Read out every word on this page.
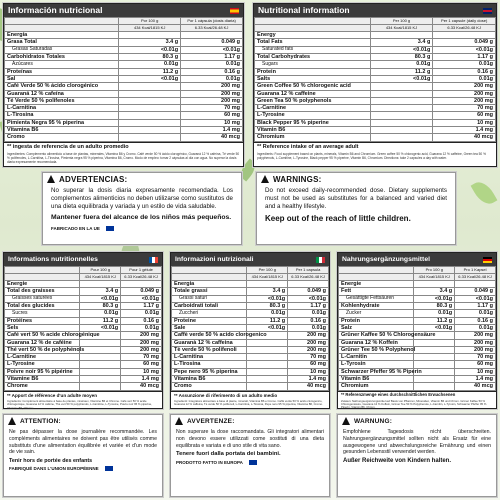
Información nutricional
	Por 100 g	Por 1 cápsula (dosis diaria)
	434 Kcal/1815 KJ	6.33 Kcal/26.48 KJ
Energía		
Grasa Total	3.4 g	0.049 g
Grasas Saturadas	<0.01g	<0.01g
Carbohidratos Totales	80.3 g	1.17 g
Azúcares	0.01g	0.01g
Proteínas	11.2 g	0.16 g
Sal	<0.01g	0.01g
Café Verde 50 % ácido clorogénico		200 mg
Guaraná 12 % cafeína		200 mg
Té Verde 50 % polifenoles		200 mg
L-Carnitina		70 mg
L-Tirosina		60 mg
Pimienta Negra 95 % piperina		10 mg
Vitamina B6		1.4 mg
Cromo		40 mcg
** ingesta de referencia de un adulto promedio
Ingredientes: Complemento alimenticio a base de plantas, minerales, Vitamina B6 y Cromo. Café verde 50 % ácido clorogénico, Guaraná 12 % cafeína, Té verde 50 % polifenoles, L-Carnitina, L-Tirosina, Pimienta negra 95 % piperina, Vitamina B6, Cromo. Modo de empleo: tomar 2 cápsulas al día con agua. No superar la dosis diaria expresamente recomendada.
Nutritional information
	Per 100 g	Per 1 capsule (daily dose)
	434 Kcal/1815 KJ	6.33 Kcal/26.48 KJ
Energy		
Total Fats	3.4 g	0.049 g
Saturated fats	<0.01g	<0.01g
Total Carbohydrates	80.3 g	1.17 g
Sugars	0.01g	0.01g
Protein	11.2 g	0.16 g
Salts	<0.01g	0.01g
Green Coffee 50 % chlorogenic acid		200 mg
Guarana 12 % caffeine		200 mg
Green Tea 50 % polyphenols		200 mg
L-Carnitine		70 mg
L-Tyrosine		60 mg
Black Pepper 95 % piperine		10 mg
Vitamin B6		1.4 mg
Chromium		40 mcg
** Reference intake of an average adult
Ingredients: Food supplement based on plants, minerals, Vitamin B6 and Chromium. Green coffee 50 % chlorogenic acid, Guarana 12 % caffeine, Green tea 50 % polyphenols, L-Carnitine, L-Tyrosine, Black pepper 95 % piperine, Vitamin B6, Chromium. Directions: take 2 capsules a day with water.
ADVERTENCIAS:
No superar la dosis diaria expresamente recomendada. Los complementos alimenticios no deben utilizarse como sustitutos de una dieta equilibrada y variada y un estilo de vida saludable.
Mantener fuera del alcance de los niños más pequeños.
FABRICADO EN LA UE
WARNINGS:
Do not exceed daily-recommended dose. Dietary supplements must not be used as substitutes for a balanced and varied diet and a healthy lifestyle.
Keep out of the reach of little children.
Informations nutritionnelles
	Pour 100 g	Pour 1 gélule
	434 Kcal/1815 KJ	6.33 Kcal/26.48 KJ
Energie		
Total des graisses	3.4 g	0.049 g
Graisses saturées	<0.01g	<0.01g
Total des glucides	80.3 g	1.17 g
Sucres	0.01g	0.01g
Protéines	11.2 g	0.16 g
Sels	<0.01g	0.01g
Café vert 50 % acide chlorogénique		200 mg
Guarana 12 % de caféine		200 mg
Thé vert 50 % de polyphénols		200 mg
L-Carnitine		70 mg
L-Tyrosine		60 mg
Poivre noir 95 % pipérine		10 mg
Vitamine B6		1.4 mg
Chrome		40 mcg
** Apport de référence d'un adulte moyen
Ingrédients: Complément alimentaire à base de plantes, minéraux, Vitamine B6 et Chrome. Café vert 50 % acide chlorogénique, Guarana 12 % caféine, Thé vert 50 % polyphénols, L-Carnitine, L-Tyrosine, Poivre noir 95 % pipérine, Vitamine B6, Chrome.
Informazioni nutrizionali
	Per 100 g	Per 1 capsula
	434 Kcal/1815 KJ	6.33 Kcal/26.48 KJ
Energia		
Totale grassi	3.4 g	0.049 g
Grassi saturi	<0.01g	<0.01g
Carboidrati totali	80.3 g	1.17 g
Zuccheri	0.01g	0.01g
Proteine	11.2 g	0.16 g
Sale	<0.01g	0.01g
Caffè verde 50 % acido clorogenico		200 mg
Guaranà 12 % caffeina		200 mg
Tè verde 50 % polifenoli		200 mg
L-Carnitina		70 mg
L-Tirosina		60 mg
Pepe nero 95 % piperina		10 mg
Vitamina B6		1.4 mg
Cromo		40 mcg
** Assunzione di riferimento di un adulto medio
Ingredienti: Integratore alimentare a base di piante, minerali, Vitamina B6 e Cromo. Caffè verde 50 % acido clorogenico, Guaranà 12 % caffeina, Tè verde 50 % polifenoli, L-Carnitina, L-Tirosina, Pepe nero 95 % piperina, Vitamina B6, Cromo.
Nahrungsergänzungsmittel
	Pro 100 g	Pro 1 Kapsel
	434 Kcal/1815 KJ	6.33 Kcal/26.48 KJ
Energie		
Fett	3.4 g	0.049 g
Gesättigte Fettsäuren	<0.01g	<0.01g
Kohlenhydrate	80.3 g	1.17 g
Zucker	0.01g	0.01g
Protein	11.2 g	0.16 g
Salz	<0.01g	0.01g
Grüner Kaffee 50 % Chlorogensäure		200 mg
Guarana 12 % Koffein		200 mg
Grüner Tee 50 % Polyphenol		200 mg
L-Carnitin		70 mg
L-Tyrosin		60 mg
Schwarzer Pfeffer 95 % Piperin		10 mg
Vitamin B6		1.4 mg
Chromium		40 mcg
** Referenzmenge eines durchschnittlichen Erwachsenen
Zutaten: Nahrungsergänzungsmittel auf Basis von Pflanzen, Mineralien, Vitamin B6 und Chrom. Grüner Kaffee 50 % Chlorogensäure, Guarana 12 % Koffein, Grüner Tee 50 % Polyphenole, L-Carnitin, L-Tyrosin, Schwarzer Pfeffer 95 % Piperin, Vitamin B6, Chrom.
ATTENTION:
Ne pas dépasser la dose journalière recommandée. Les compléments alimentaires ne doivent pas être utilisés comme substituts d'une alimentation équilibrée et variée et d'un mode de vie sain.
Tenir hors de portée des enfants
FABRIQUÉ DANS L'UNION EUROPÉENNE
AVVERTENZE:
Non superare la dose raccomandata. Gli integratori alimentari non devono essere utilizzati come sostituti di una dieta equilibrata e variata e di uno stile di vita sano.
Tenere fuori dalla portata dei bambini.
PRODOTTO FATTO IN EUROPA
WARNUNG:
Empfohlene Tagesdosis nicht überschreiten. Nahrungsergänzungsmittel sollten nicht als Ersatz für eine ausgewogene und abwechslungsreiche Ernährung und einen gesunden Lebensstil verwendet werden.
Außer Reichweite von Kindern halten.
